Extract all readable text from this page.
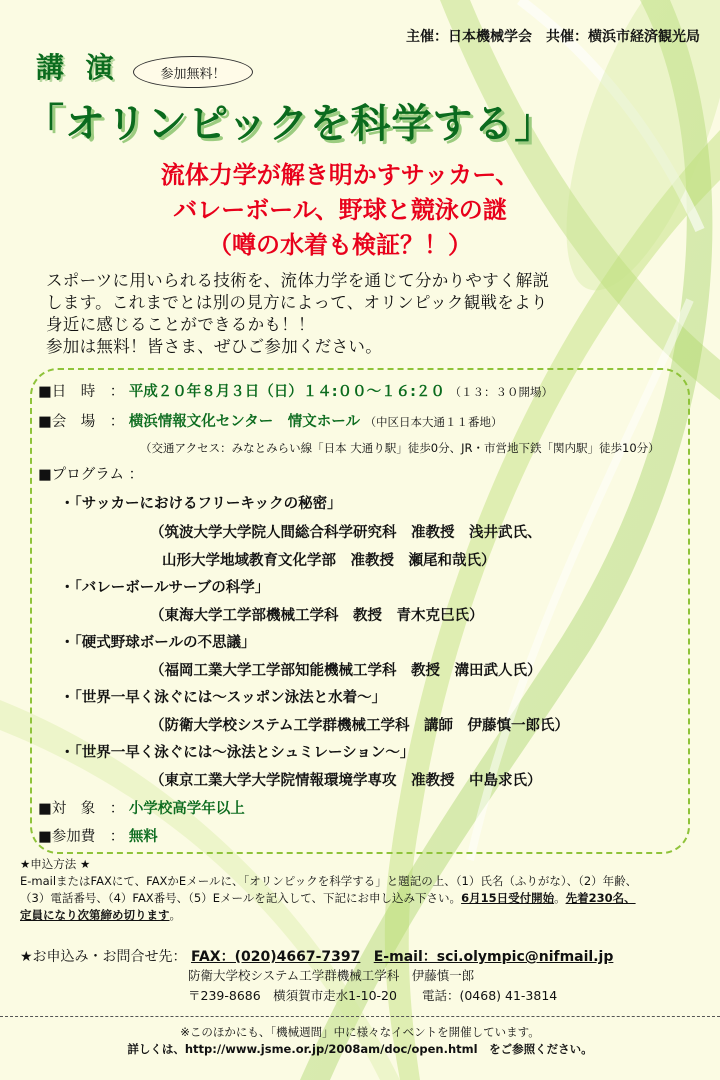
主催：日本機械学会　共催：横浜市経済観光局
講 演	参加無料！
「オリンピックを科学する」
流体力学が解き明かすサッカー、
バレーボール、野球と競泳の謎
（噂の水着も検証？！）
スポーツに用いられる技術を、流体力学を通じて分かりやすく解説
します。これまでとは別の見方によって、オリンピック観戦をより
身近に感じることができるかも！！
参加は無料！皆さま、ぜひご参加ください。
■日　時　： 平成２０年８月３日（日）１４:００～１６:２０ （１３：３０開場）
■会　場　： 横浜情報文化センター　情文ホール （中区日本大通１１番地）
（交通アクセス：みなとみらい線「日本 大通り駅」徒歩0分、JR・市営地下鉄「関内駅」徒歩10分）
■プログラム ：
・「サッカーにおけるフリーキックの秘密」
（筑波大学大学院人間総合科学研究科　准教授　浅井武氏、
山形大学地域教育文化学部　准教授　瀬尾和哉氏）
・「バレーボールサーブの科学」
（東海大学工学部機械工学科　教授　青木克巳氏）
・「硬式野球ボールの不思議」
（福岡工業大学工学部知能機械工学科　教授　溝田武人氏）
・「世界一早く泳ぐには～スッポン泳法と水着～」
（防衛大学校システム工学群機械工学科　講師　伊藤慎一郎氏）
・「世界一早く泳ぐには～泳法とシュミレーション～」
（東京工業大学大学院情報環境学専攻　准教授　中島求氏）
■対　象　： 小学校高学年以上
■参加費　： 無料
★申込方法 ★
E-mailまたはFAXにて、FAXかEメールに、「オリンピックを科学する」と題記の上、（1）氏名（ふりがな）、（2）年齢、
（3）電話番号、（4）FAX番号、（5）Eメールを記入して、下記にお申し込み下さい。6月15日受付開始。先着230名、
定員になり次第締め切ります。
★お申込み・お問合せ先： FAX：(020)4667-7397 E-mail：sci.olympic@nifmail.jp
防衛大学校システム工学群機械工学科　伊藤慎一郎
〒239-8686　横須賀市走水1-10-20　　電話：(0468) 41-3814
※このほかにも、「機械週間」中に様々なイベントを開催しています。
詳しくは、http://www.jsme.or.jp/2008am/doc/open.html　をご参照ください。
